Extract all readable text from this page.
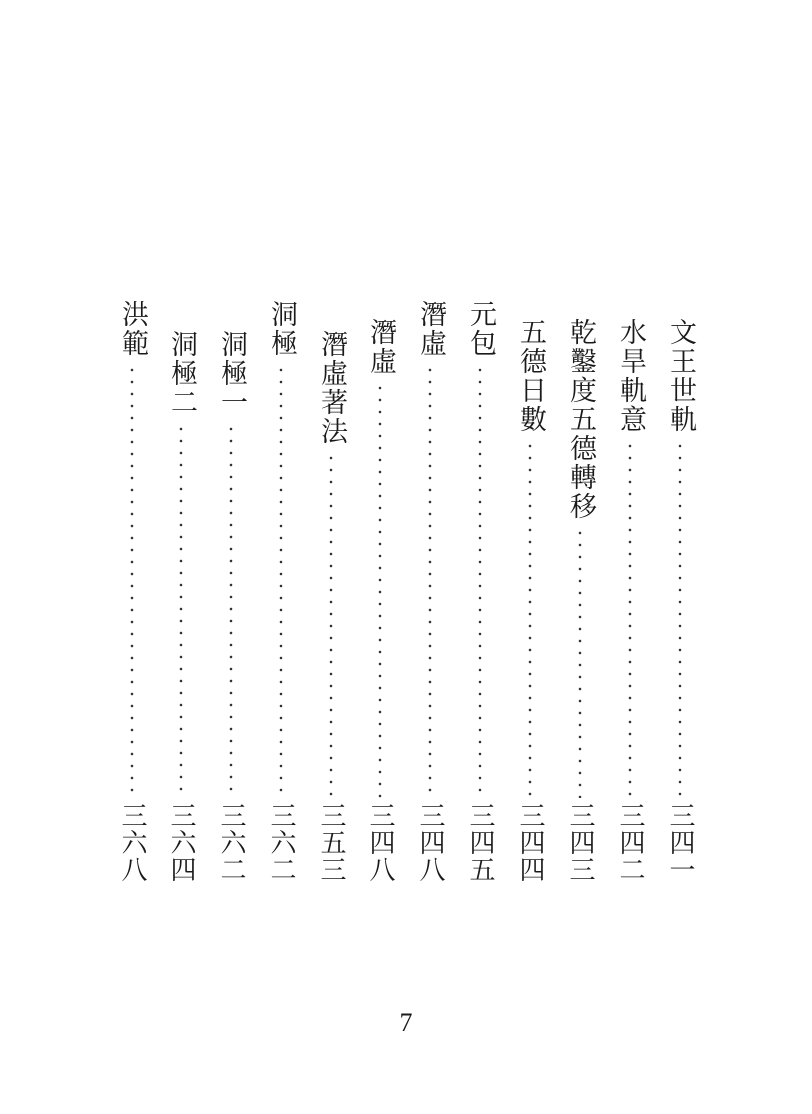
文王世軌
三四一
水旱軌意
三四二
乾鑿度五德轉移
三四三
五德日數
三四四
元包
三四五
潛虛
三四八
潛虛
三四八
潛虛著法
三五三
洞極
三六二
洞極一
三六二
洞極二
三六四
洪範
三六八
7
